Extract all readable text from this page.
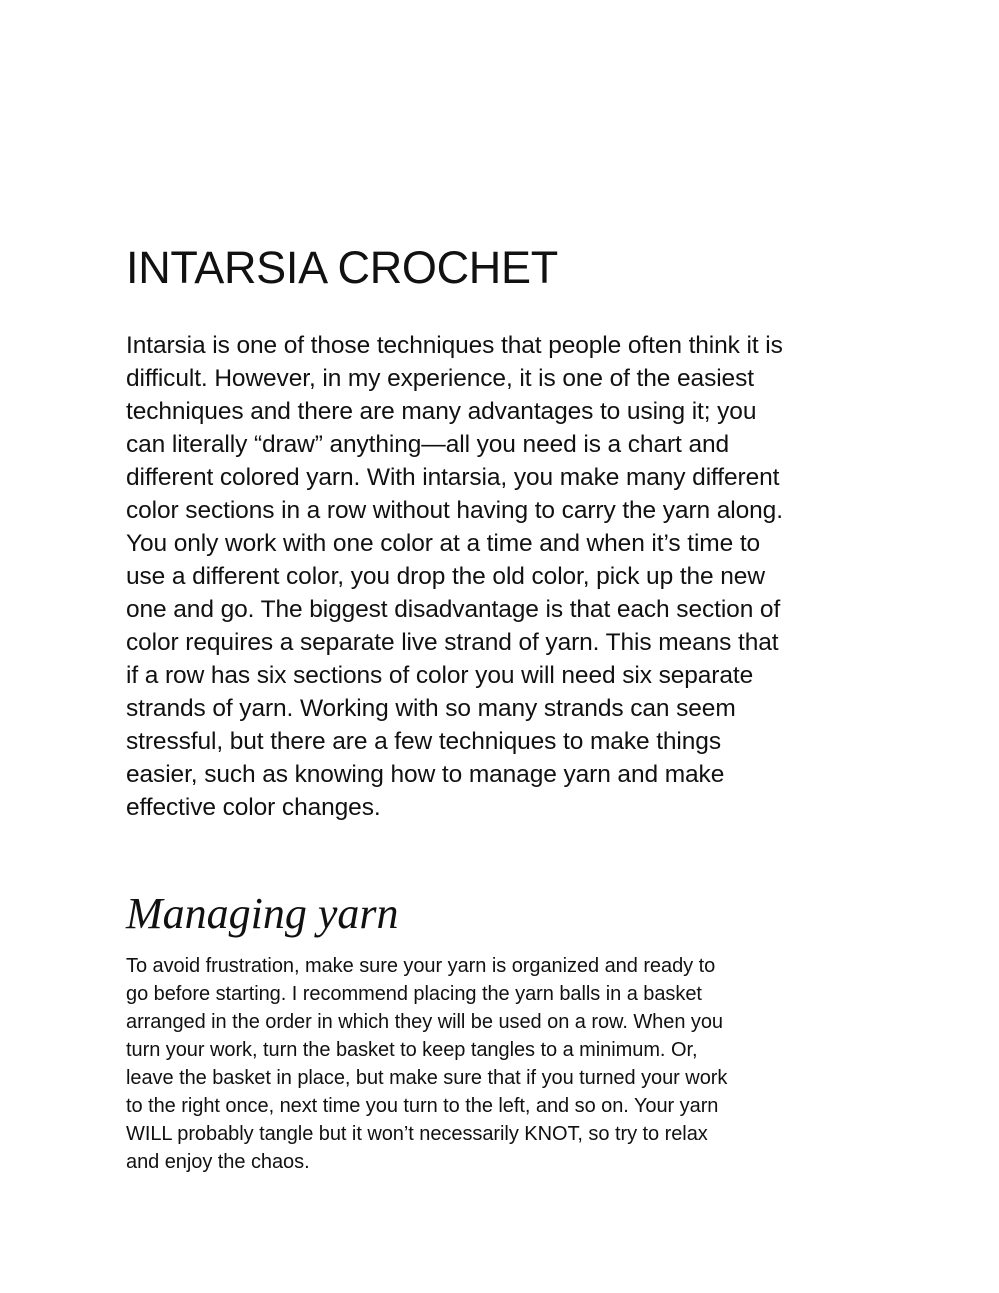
INTARSIA CROCHET

Intarsia is one of those techniques that people often think it is
difficult. However, in my experience, it is one of the easiest
techniques and there are many advantages to using it; you
can literally “draw” anything—all you need is a chart and
different colored yarn. With intarsia, you make many different
color sections in a row without having to carry the yarn along.
You only work with one color at a time and when it’s time to
use a different color, you drop the old color, pick up the new
one and go. The biggest disadvantage is that each section of
color requires a separate live strand of yarn. This means that
if a row has six sections of color you will need six separate
strands of yarn. Working with so many strands can seem
stressful, but there are a few techniques to make things
easier, such as knowing how to manage yarn and make
effective color changes.

Managing yarn

To avoid frustration, make sure your yarn is organized and ready to
go before starting. I recommend placing the yarn balls in a basket
arranged in the order in which they will be used on a row. When you
turn your work, turn the basket to keep tangles to a minimum. Or,
leave the basket in place, but make sure that if you turned your work
to the right once, next time you turn to the left, and so on. Your yarn
WILL probably tangle but it won’t necessarily KNOT, so try to relax
and enjoy the chaos.
